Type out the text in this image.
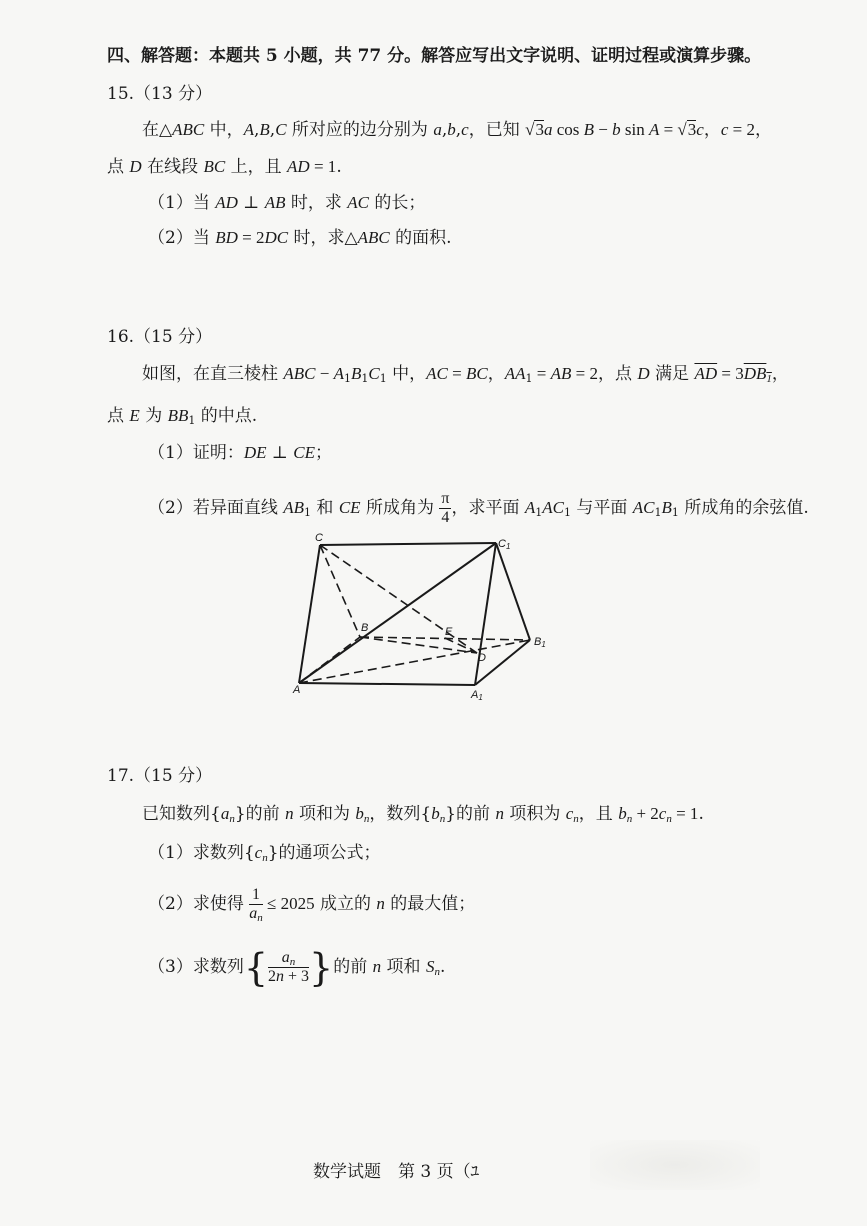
四、解答题：本题共 5 小题，共 77 分。解答应写出文字说明、证明过程或演算步骤。
15.（13 分）
在△ABC 中，A,B,C 所对应的边分别为 a,b,c，已知 √3a cos B − b sin A = √3c，c = 2，
点 D 在线段 BC 上，且 AD = 1.
（1）当 AD ⊥ AB 时，求 AC 的长；
（2）当 BD = 2DC 时，求△ABC 的面积.
16.（15 分）
如图，在直三棱柱 ABC − $A_1B_1C_1$ 中，AC = BC，$AA_1$ = AB = 2，点 D 满足 $\overline{AD} = 3DB_1$，
点 E 为 $BB_1$ 的中点.
（1）证明：DE ⊥ CE；
（2）若异面直线 $AB_1$ 和 CE 所成角为 $\frac{\pi}{4}$ ，求平面 $A_1AC_1$ 与平面 $AC_1B_1$ 所成角的余弦值.
C	C1
B	E
D
B1
A	A1
17.（15 分）
已知数列$\{a_n\}$的前 n 项和为 $b_n$，数列$\{b_n\}$的前 n 项积为 $c_n$，且 $b_n + 2c_n = 1$.
（1）求数列$\{c_n\}$的通项公式；
（2）求使得 $\frac{1}{a_n} \le 2025$ 成立的 n 的最大值；
（3）求数列{ $\frac{a_n}{2n + 3}$ }的前 n 项和 $S_n$.
数学试题　第 3 页（ﾕ
